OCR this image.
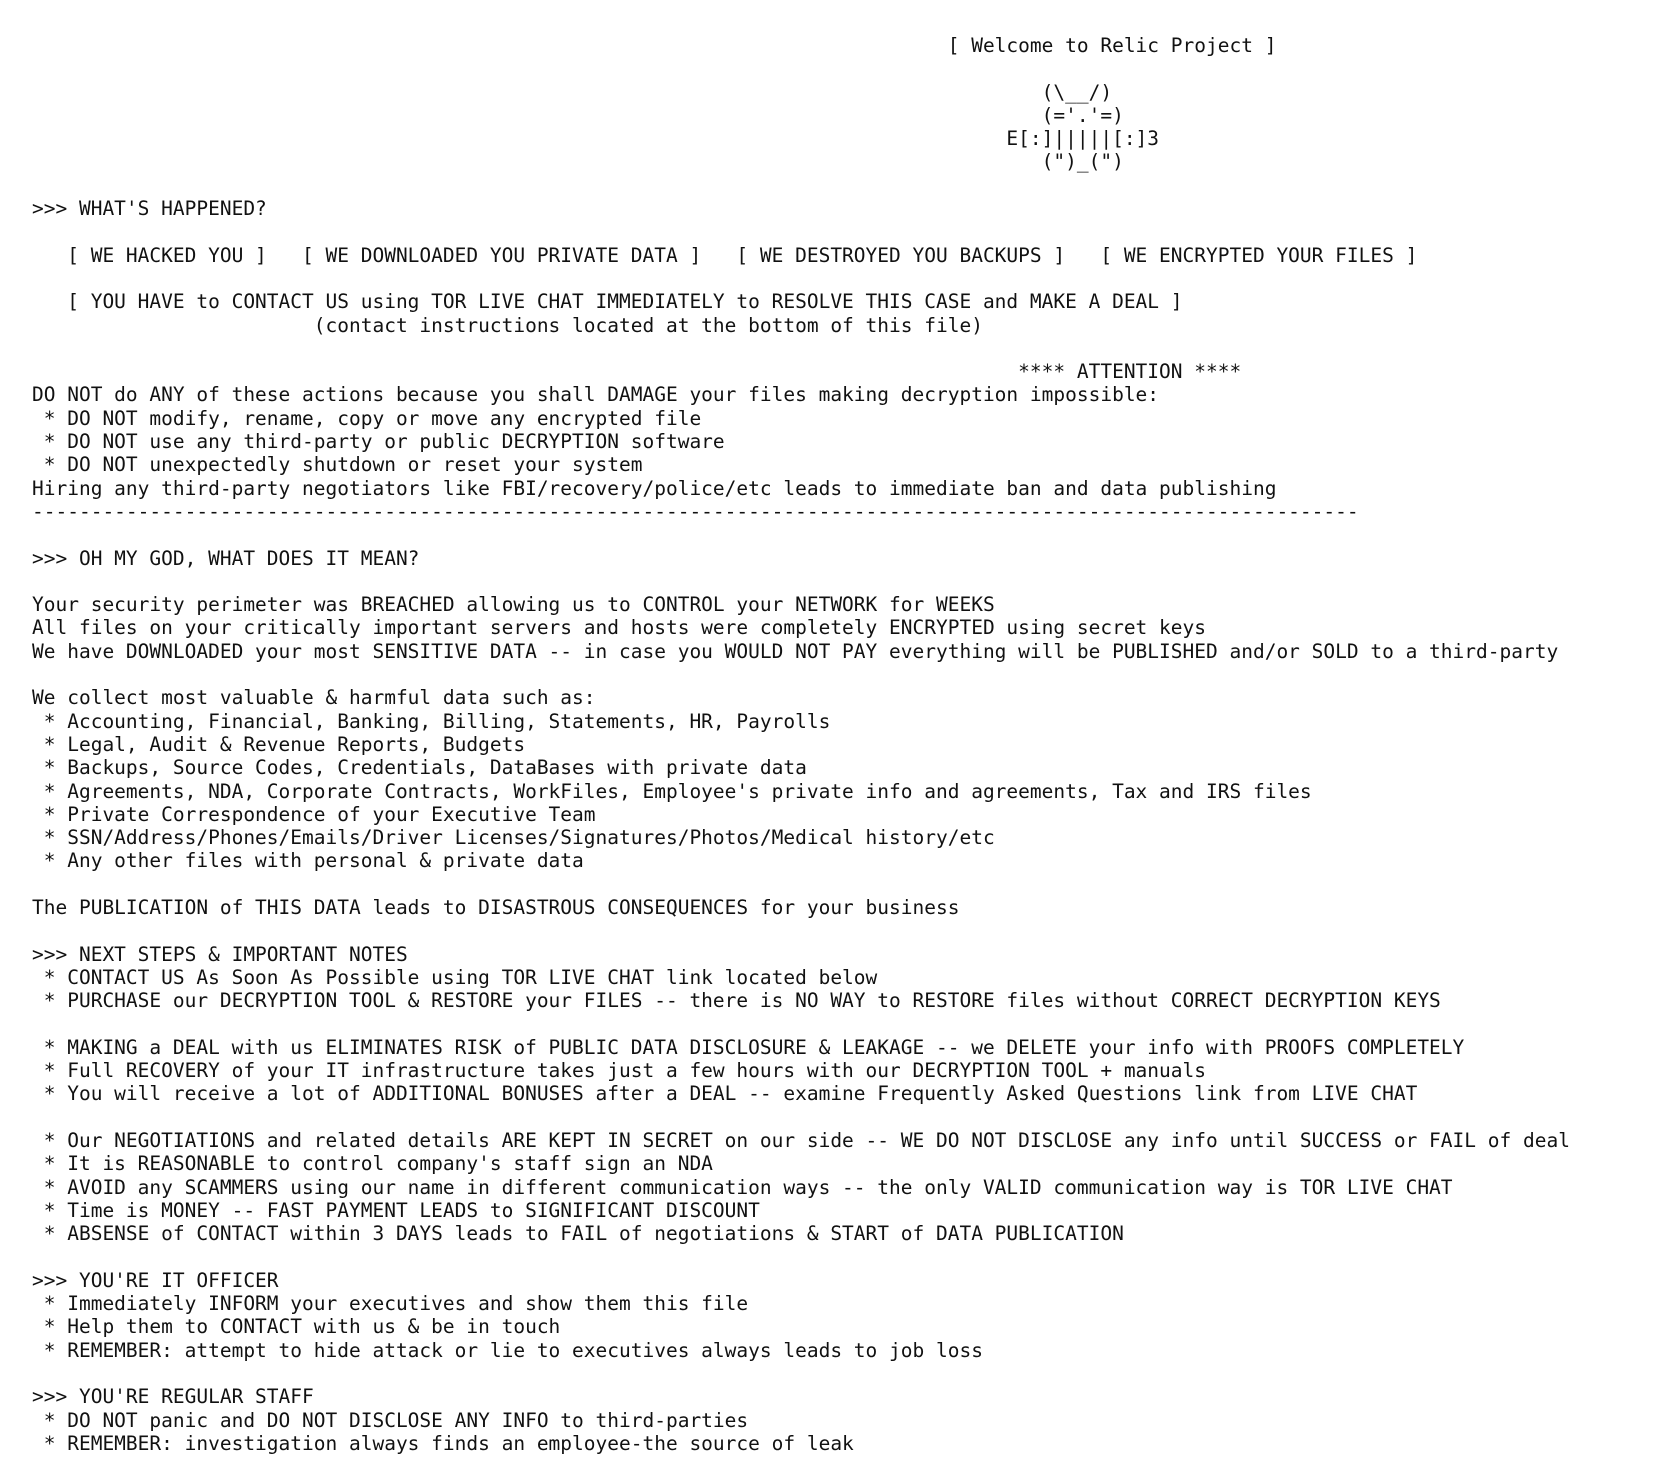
[ Welcome to Relic Project ]
(\__/)
(='.'=)
E[:]|||||[:]3
(")_(")
>>> WHAT'S HAPPENED?
[ WE HACKED YOU ]   [ WE DOWNLOADED YOU PRIVATE DATA ]   [ WE DESTROYED YOU BACKUPS ]   [ WE ENCRYPTED YOUR FILES ]
[ YOU HAVE to CONTACT US using TOR LIVE CHAT IMMEDIATELY to RESOLVE THIS CASE and MAKE A DEAL ]
(contact instructions located at the bottom of this file)
**** ATTENTION ****
DO NOT do ANY of these actions because you shall DAMAGE your files making decryption impossible:
* DO NOT modify, rename, copy or move any encrypted file
* DO NOT use any third-party or public DECRYPTION software
* DO NOT unexpectedly shutdown or reset your system
Hiring any third-party negotiators like FBI/recovery/police/etc leads to immediate ban and data publishing
-----------------------------------------------------------------------------------------------------------------
>>> OH MY GOD, WHAT DOES IT MEAN?
Your security perimeter was BREACHED allowing us to CONTROL your NETWORK for WEEKS
All files on your critically important servers and hosts were completely ENCRYPTED using secret keys
We have DOWNLOADED your most SENSITIVE DATA -- in case you WOULD NOT PAY everything will be PUBLISHED and/or SOLD to a third-party
We collect most valuable & harmful data such as:
* Accounting, Financial, Banking, Billing, Statements, HR, Payrolls
* Legal, Audit & Revenue Reports, Budgets
* Backups, Source Codes, Credentials, DataBases with private data
* Agreements, NDA, Corporate Contracts, WorkFiles, Employee's private info and agreements, Tax and IRS files
* Private Correspondence of your Executive Team
* SSN/Address/Phones/Emails/Driver Licenses/Signatures/Photos/Medical history/etc
* Any other files with personal & private data
The PUBLICATION of THIS DATA leads to DISASTROUS CONSEQUENCES for your business
>>> NEXT STEPS & IMPORTANT NOTES
* CONTACT US As Soon As Possible using TOR LIVE CHAT link located below
* PURCHASE our DECRYPTION TOOL & RESTORE your FILES -- there is NO WAY to RESTORE files without CORRECT DECRYPTION KEYS
* MAKING a DEAL with us ELIMINATES RISK of PUBLIC DATA DISCLOSURE & LEAKAGE -- we DELETE your info with PROOFS COMPLETELY
* Full RECOVERY of your IT infrastructure takes just a few hours with our DECRYPTION TOOL + manuals
* You will receive a lot of ADDITIONAL BONUSES after a DEAL -- examine Frequently Asked Questions link from LIVE CHAT
* Our NEGOTIATIONS and related details ARE KEPT IN SECRET on our side -- WE DO NOT DISCLOSE any info until SUCCESS or FAIL of deal
* It is REASONABLE to control company's staff sign an NDA
* AVOID any SCAMMERS using our name in different communication ways -- the only VALID communication way is TOR LIVE CHAT
* Time is MONEY -- FAST PAYMENT LEADS to SIGNIFICANT DISCOUNT
* ABSENSE of CONTACT within 3 DAYS leads to FAIL of negotiations & START of DATA PUBLICATION
>>> YOU'RE IT OFFICER
* Immediately INFORM your executives and show them this file
* Help them to CONTACT with us & be in touch
* REMEMBER: attempt to hide attack or lie to executives always leads to job loss
>>> YOU'RE REGULAR STAFF
* DO NOT panic and DO NOT DISCLOSE ANY INFO to third-parties
* REMEMBER: investigation always finds an employee-the source of leak
